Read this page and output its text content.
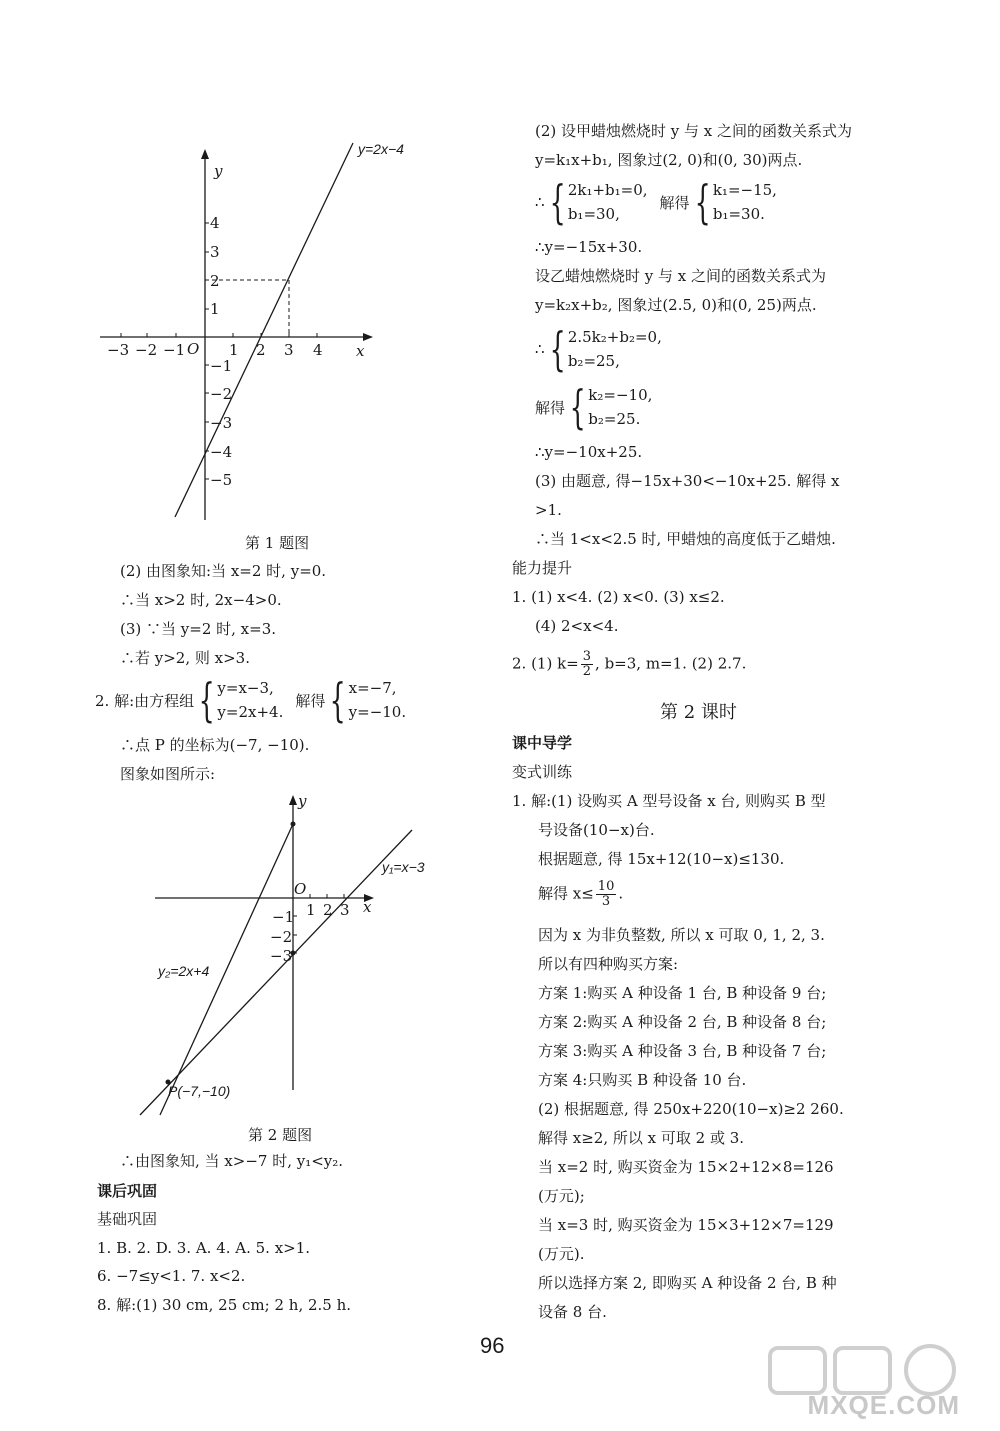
y=2x−4
y
x
O
−3 −2 −1	1 2 3 4
4
3
2
1
−1
−2
−3
−4
−5
第 1 题图
(2) 由图象知:当 x=2 时, y=0.
∴当 x>2 时, 2x−4>0.
(3) ∵当 y=2 时, x=3.
∴若 y>2, 则 x>3.
2. 解:由方程组 { y=x−3,
y=2x+4.
解得 { x=−7,
y=−10.
∴点 P 的坐标为(−7, −10).
图象如图所示:
y
x
O
y₁=x−3
y₂=2x+4
P(−7,−10)
1 2 3
−1
−2
−3
第 2 题图
∴由图象知, 当 x>−7 时, y₁<y₂.
课后巩固
基础巩固
1. B. 2. D. 3. A. 4. A. 5. x>1.
6. −7≤y<1. 7. x<2.
8. 解:(1) 30 cm, 25 cm; 2 h, 2.5 h.
(2) 设甲蜡烛燃烧时 y 与 x 之间的函数关系式为
y=k₁x+b₁, 图象过(2, 0)和(0, 30)两点.
∴ { 2k₁+b₁=0,
b₁=30,
解得 { k₁=−15,
b₁=30.
∴y=−15x+30.
设乙蜡烛燃烧时 y 与 x 之间的函数关系式为
y=k₂x+b₂, 图象过(2.5, 0)和(0, 25)两点.
∴ { 2.5k₂+b₂=0,
b₂=25,
解得 { k₂=−10,
b₂=25.
∴y=−10x+25.
(3) 由题意, 得−15x+30<−10x+25. 解得 x
>1.
∴当 1<x<2.5 时, 甲蜡烛的高度低于乙蜡烛.
能力提升
1. (1) x<4. (2) x<0. (3) x≤2.
(4) 2<x<4.
2. (1) $k= \frac{3}{2}$ , b=3, m=1. (2) 2.7.
第 2 课时
课中导学
变式训练
1. 解:(1) 设购买 A 型号设备 x 台, 则购买 B 型
号设备(10−x)台.
根据题意, 得 15x+12(10−x)≤130.
解得 $x\le \frac{10}{3}$ .
因为 x 为非负整数, 所以 x 可取 0, 1, 2, 3.
所以有四种购买方案:
方案 1:购买 A 种设备 1 台, B 种设备 9 台;
方案 2:购买 A 种设备 2 台, B 种设备 8 台;
方案 3:购买 A 种设备 3 台, B 种设备 7 台;
方案 4:只购买 B 种设备 10 台.
(2) 根据题意, 得 250x+220(10−x)≥2 260.
解得 x≥2, 所以 x 可取 2 或 3.
当 x=2 时, 购买资金为 15×2+12×8=126
(万元);
当 x=3 时, 购买资金为 15×3+12×7=129
(万元).
所以选择方案 2, 即购买 A 种设备 2 台, B 种
设备 8 台.
96
MXQE.COM
